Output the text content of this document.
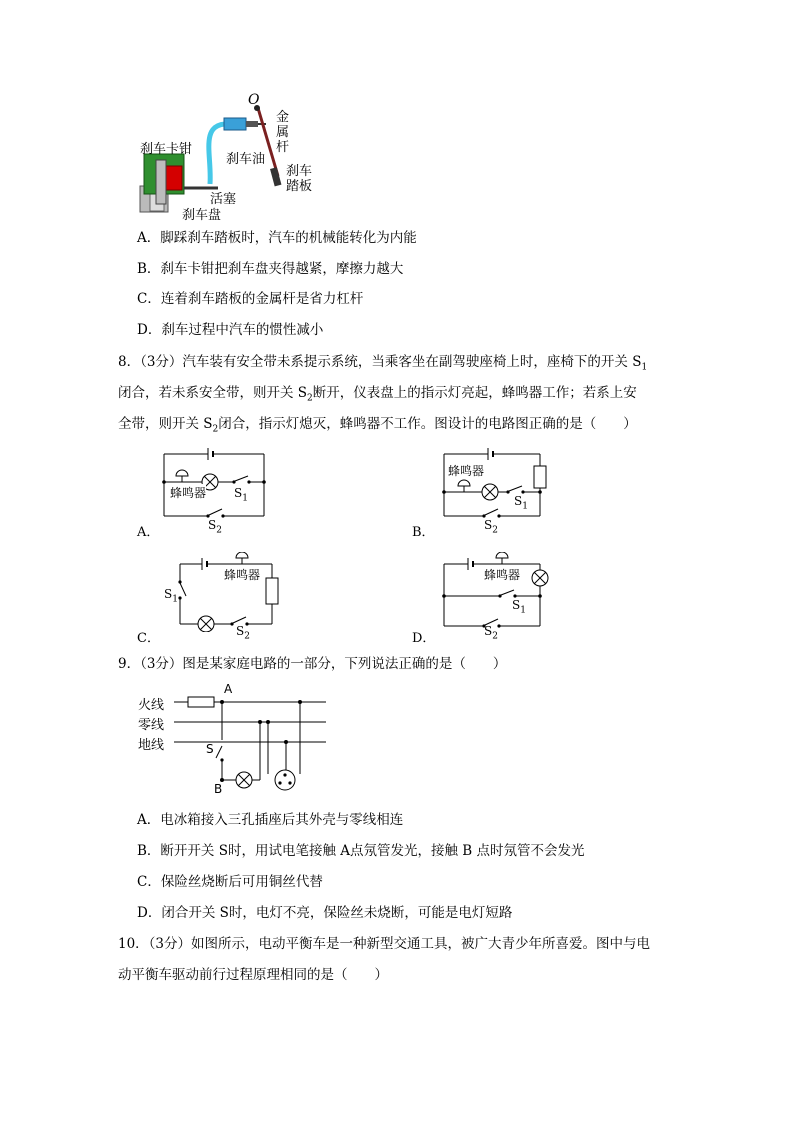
O
刹车卡钳
刹车油
金
属
杆
刹车
踏板
活塞
刹车盘
A．脚踩刹车踏板时，汽车的机械能转化为内能
B．刹车卡钳把刹车盘夹得越紧，摩擦力越大
C．连着刹车踏板的金属杆是省力杠杆
D．刹车过程中汽车的惯性减小
8．（3分）汽车装有安全带未系提示系统，当乘客坐在副驾驶座椅上时，座椅下的开关 $S_1$
闭合，若未系安全带，则开关 $S_2$断开，仪表盘上的指示灯亮起，蜂鸣器工作；若系上安
全带，则开关 $S_2$闭合，指示灯熄灭，蜂鸣器不工作。图设计的电路图正确的是（　　）
蜂鸣器 $S_1$
$S_2$
A．
蜂鸣器
$S_1$
$S_2$
B．
蜂鸣器
$S_1$
$S_2$
C．
蜂鸣器
$S_1$
$S_2$
D．
9．（3分）图是某家庭电路的一部分，下列说法正确的是（　　）
火线
零线
地线
A
S
B
A．电冰箱接入三孔插座后其外壳与零线相连
B．断开开关 S时，用试电笔接触 A点氖管发光，接触 B 点时氖管不会发光
C．保险丝烧断后可用铜丝代替
D．闭合开关 S时，电灯不亮，保险丝未烧断，可能是电灯短路
10．（3分）如图所示，电动平衡车是一种新型交通工具，被广大青少年所喜爱。图中与电
动平衡车驱动前行过程原理相同的是（　　）
